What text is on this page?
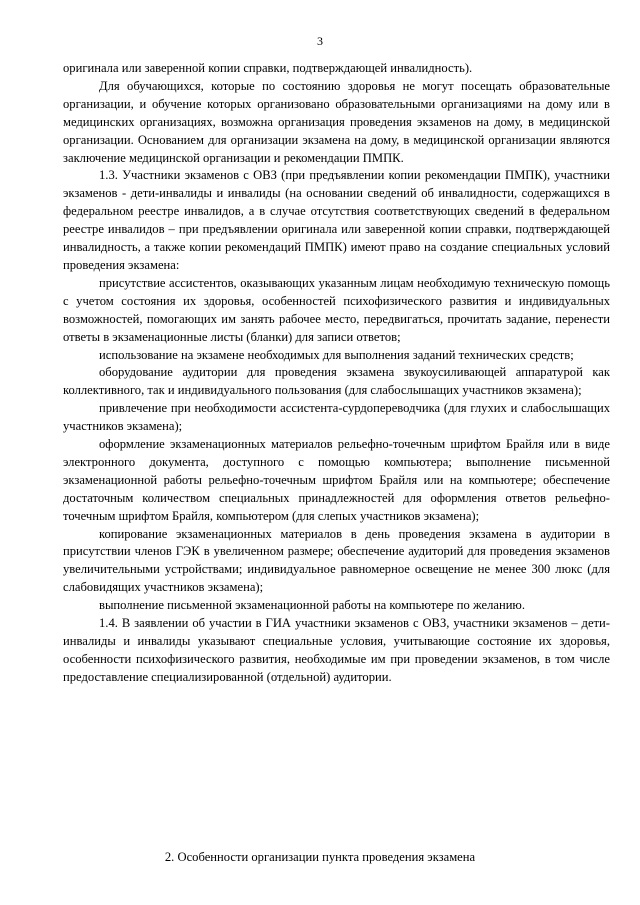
3

оригинала или заверенной копии справки, подтверждающей инвалидность).

Для обучающихся, которые по состоянию здоровья не могут посещать образовательные организации, и обучение которых организовано образовательными организациями на дому или в медицинских организациях, возможна организация проведения экзаменов на дому, в медицинской организации. Основанием для организации экзамена на дому, в медицинской организации являются заключение медицинской организации и рекомендации ПМПК.

1.3. Участники экзаменов с ОВЗ (при предъявлении копии рекомендации ПМПК), участники экзаменов - дети-инвалиды и инвалиды (на основании сведений об инвалидности, содержащихся в федеральном реестре инвалидов, а в случае отсутствия соответствующих сведений в федеральном реестре инвалидов – при предъявлении оригинала или заверенной копии справки, подтверждающей инвалидность, а также копии рекомендаций ПМПК) имеют право на создание специальных условий проведения экзамена:

присутствие ассистентов, оказывающих указанным лицам необходимую техническую помощь с учетом состояния их здоровья, особенностей психофизического развития и индивидуальных возможностей, помогающих им занять рабочее место, передвигаться, прочитать задание, перенести ответы в экзаменационные листы (бланки) для записи ответов;

использование на экзамене необходимых для выполнения заданий технических средств;

оборудование аудитории для проведения экзамена звукоусиливающей аппаратурой как коллективного, так и индивидуального пользования (для слабослышащих участников экзамена);

привлечение при необходимости ассистента-сурдопереводчика (для глухих и слабослышащих участников экзамена);

оформление экзаменационных материалов рельефно-точечным шрифтом Брайля или в виде электронного документа, доступного с помощью компьютера; выполнение письменной экзаменационной работы рельефно-точечным шрифтом Брайля или на компьютере; обеспечение достаточным количеством специальных принадлежностей для оформления ответов рельефно-точечным шрифтом Брайля, компьютером (для слепых участников экзамена);

копирование экзаменационных материалов в день проведения экзамена в аудитории в присутствии членов ГЭК в увеличенном размере; обеспечение аудиторий для проведения экзаменов увеличительными устройствами; индивидуальное равномерное освещение не менее 300 люкс (для слабовидящих участников экзамена);

выполнение письменной экзаменационной работы на компьютере по желанию.

1.4. В заявлении об участии в ГИА участники экзаменов с ОВЗ, участники экзаменов – дети-инвалиды и инвалиды указывают специальные условия, учитывающие состояние их здоровья, особенности психофизического развития, необходимые им при проведении экзаменов, в том числе предоставление специализированной (отдельной) аудитории.

2. Особенности организации пункта проведения экзамена
